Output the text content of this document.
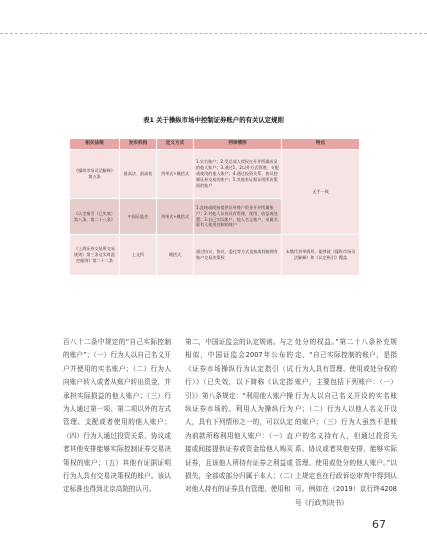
表1 关于操纵市场中控制证券账户的有关认定规则
相关法规	发布机构	定义方式	列举情形	特点
《操纵市场司法解释》第五条	最高法、最高检	列举式+概括式	1.实名账户；2.受总部人授权在开并所属成员的他人账户；3.通过1、2以外方式管理、支配或使用的他人账户；4.通过投资关系、协议控制证券交易的账户；5.其他有证据证明所决策权的账户	无手一致
《认定指引（已失效）第八条、第二十八条》	中国证监会	列举式+概括式	1.直接或间接提供证券账户资金开并所属账户；2.对他人证券具有管理、使用、收益或处置；3.自己实际账户、他人名义账户、亲属关联有人使用控制的账户	
《上海证券交易所交易规则》第三条及实时监控细则》第二十二条	上交所	概括式	通过协议、协议、委托等方式直接或间接拥有账户交易决策权	未缴代列举情形，能够就《操纵市场司法解释》和《认定指引》覆盖
百八十二条中规定的“自己实际控制的账户”；（一）行为人以自己名义开户并使用的实名账户；（二）行为人向账户转入或者从账户转出资金，并承担实际损益的他人账户；（三）行为人通过第一项、第二项以外的方式管理、支配或者使用的他人账户；（四）行为人通过投资关系、协议或者其他安排能够实际控制证券交易决策权的账户；（五）其他有证据证明行为人具有交易决策权的账户。该认定标准也得到北京高院的认可。
第二，中国证监会的认定规则。与之相似，中国证监会2007年公布的《证券市场操纵行为认定指引（试行）》（已失效，以下简称《认定指引》）第八条规定：“利用他人账户操纵证券市场的。利用人为操纵行为人，具有下列情形之一的，可以认定为前款所称利用他人账户：（一）直接或间接提供证券或资金给他人购买证券，且该他人所持有证券之利益或损失，全部或部分归属于本人；（二）对他人持有的证券具有管理、使用和
处分的权益。”第二十八条补充规定，“自己实际控制的账户，是指行为人具有管理、使用或处分权的账户，主要包括下列账户：（一）行为人以自己名义开设的实名账户；（二）行为人以他人名义开设的账户；（三）行为人虽然不是账户的名义持有人，但通过投资关系、协议或者其他安排，能够实际管理、使用或处分的他人账户。”以上规定也在行政诉讼审判中得到认可。例如在（2019）京行终4208号《行政判决书》
67
